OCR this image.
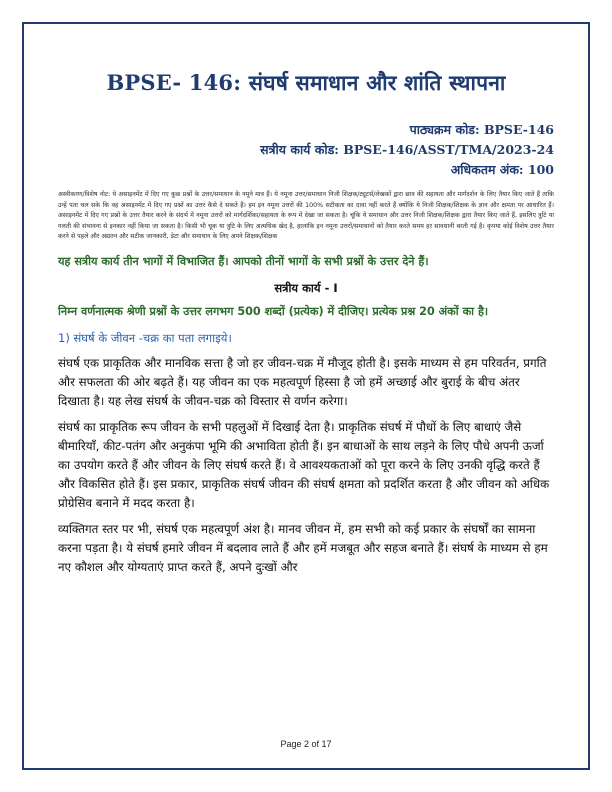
BPSE- 146: संघर्ष समाधान और शांति स्थापना
पाठ्यक्रम कोड: BPSE-146
सत्रीय कार्य कोड: BPSE-146/ASST/TMA/2023-24
अधिकतम अंक: 100
अस्वीकरण/विशेष नोट: ये असाइनमेंट में दिए गए कुछ प्रश्नों के उत्तर/समाधान के नमूने मात्र हैं। ये नमूना उत्तर/समाधान निजी शिक्षक/ट्यूटर्स/लेखकों द्वारा छात्र की सहायता और मार्गदर्शन के लिए तैयार किए जाते हैं ताकि उन्हें पता चल सके कि वह असाइनमेंट में दिए गए प्रश्नों का उत्तर कैसे दे सकते हैं। हम इन नमूना उत्तरों की 100% सटीकता का दावा नहीं करते हैं क्योंकि ये निजी शिक्षक/शिक्षक के ज्ञान और क्षमता पर आधारित हैं। असाइनमेंट में दिए गए प्रश्नों के उत्तर तैयार करने के संदर्भ में नमूना उत्तरों को मार्गदर्शिका/सहायता के रूप में देखा जा सकता है। चूंकि ये समाधान और उत्तर निजी शिक्षक/शिक्षक द्वारा तैयार किए जाते हैं, इसलिए त्रुटि या गलती की संभावना से इनकार नहीं किया जा सकता है। किसी भी चूक या त्रुटि के लिए अत्यधिक खेद है, हालांकि इन नमूना उत्तरों/समाधानों को तैयार करते समय हर सावधानी बरती गई है। कृपया कोई विशेष उत्तर तैयार करने से पहले और अद्यतन और सटीक जानकारी, डेटा और समाधान के लिए अपने शिक्षक/शिक्षक
यह सत्रीय कार्य तीन भागों में विभाजित हैं। आपको तीनों भागों के सभी प्रश्नों के उत्तर देने हैं।
सत्रीय कार्य - I
निम्न वर्णनात्मक श्रेणी प्रश्नों के उत्तर लगभग 500 शब्दों (प्रत्येक) में दीजिए। प्रत्येक प्रश्न 20 अंकों का है।
1) संघर्ष के जीवन -चक्र का पता लगाइये।
संघर्ष एक प्राकृतिक और मानविक सत्ता है जो हर जीवन-चक्र में मौजूद होती है। इसके माध्यम से हम परिवर्तन, प्रगति और सफलता की ओर बढ़ते हैं। यह जीवन का एक महत्वपूर्ण हिस्सा है जो हमें अच्छाई और बुराई के बीच अंतर दिखाता है। यह लेख संघर्ष के जीवन-चक्र को विस्तार से वर्णन करेगा।
संघर्ष का प्राकृतिक रूप जीवन के सभी पहलुओं में दिखाई देता है। प्राकृतिक संघर्ष में पौधों के लिए बाधाएं जैसे बीमारियाँ, कीट-पतंग और अनुकंपा भूमि की अभाविता होती हैं। इन बाधाओं के साथ लड़ने के लिए पौधे अपनी ऊर्जा का उपयोग करते हैं और जीवन के लिए संघर्ष करते हैं। वे आवश्यकताओं को पूरा करने के लिए उनकी वृद्धि करते हैं और विकसित होते हैं। इस प्रकार, प्राकृतिक संघर्ष जीवन की संघर्ष क्षमता को प्रदर्शित करता है और जीवन को अधिक प्रोग्रेसिव बनाने में मदद करता है।
व्यक्तिगत स्तर पर भी, संघर्ष एक महत्वपूर्ण अंश है। मानव जीवन में, हम सभी को कई प्रकार के संघर्षों का सामना करना पड़ता है। ये संघर्ष हमारे जीवन में बदलाव लाते हैं और हमें मजबूत और सहज बनाते हैं। संघर्ष के माध्यम से हम नए कौशल और योग्यताएं प्राप्त करते हैं, अपने दुःखों और
Page 2 of 17
